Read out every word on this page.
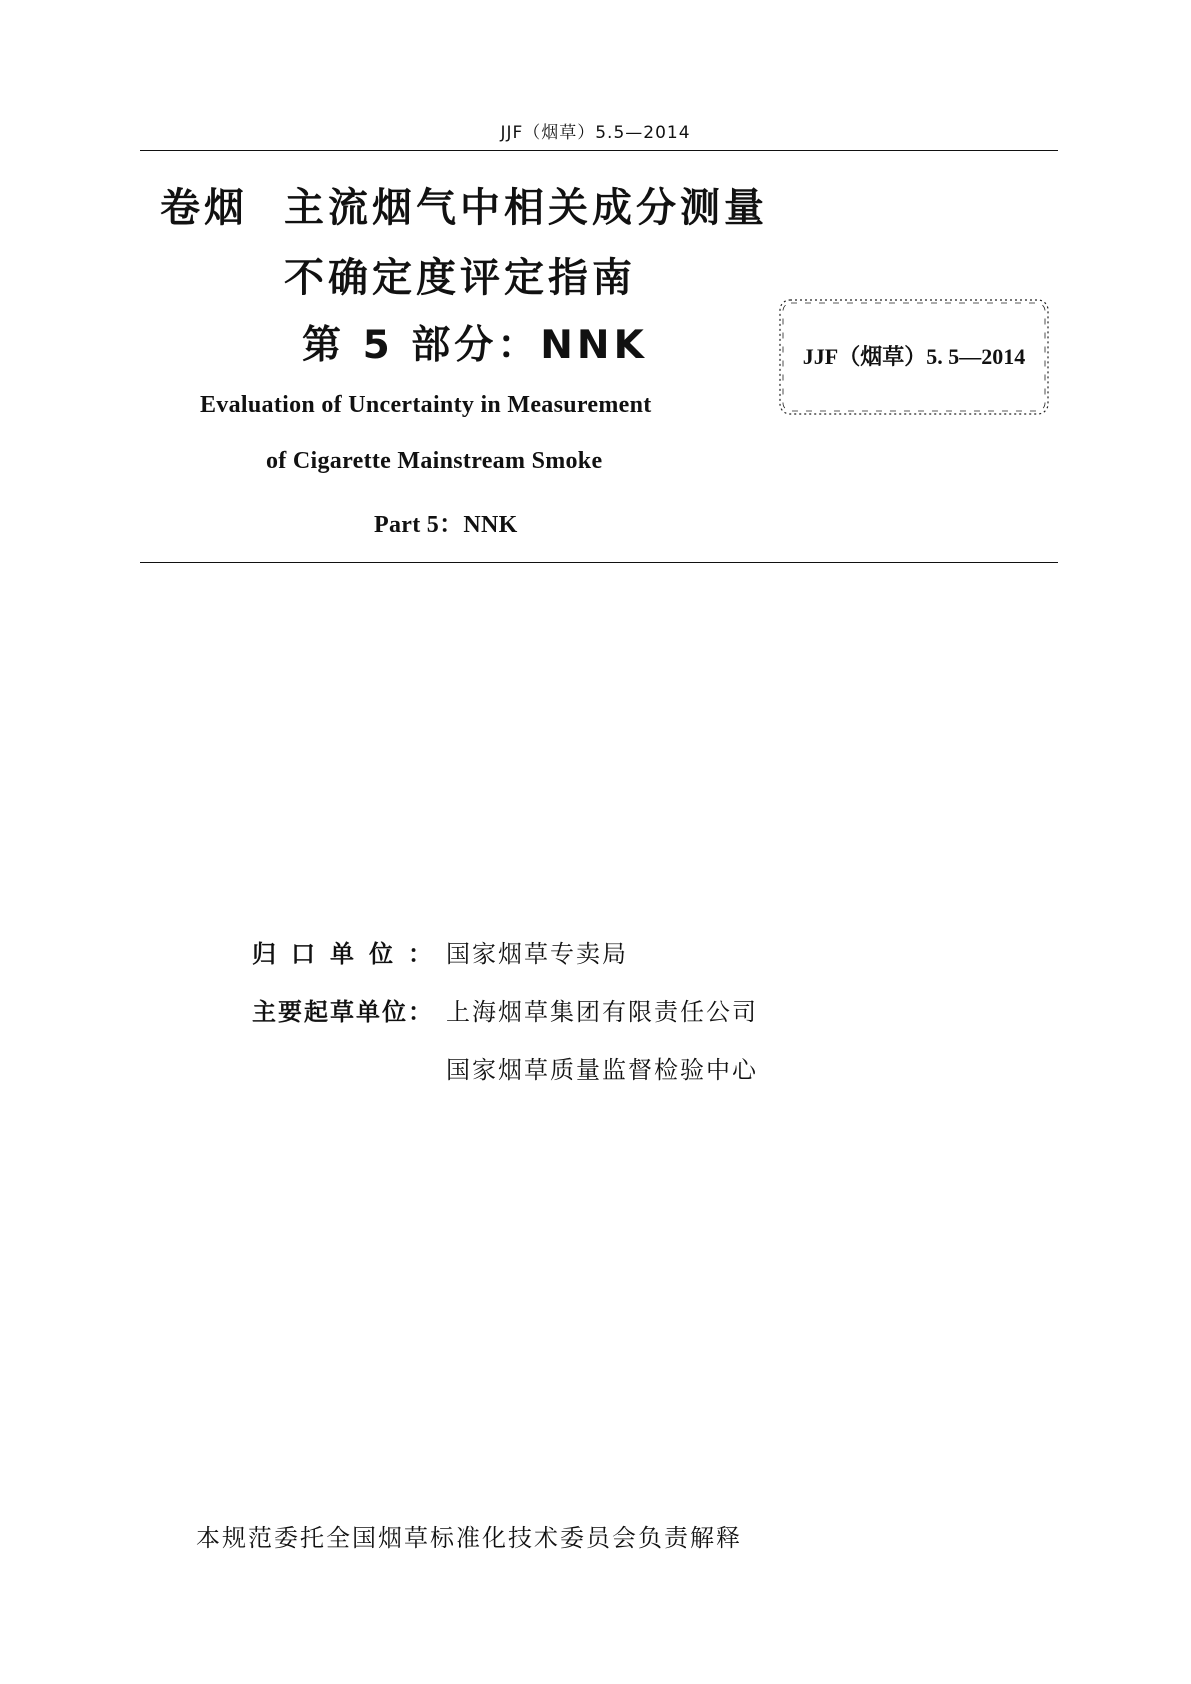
JJF（烟草）5.5—2014
卷烟 主流烟气中相关成分测量
不确定度评定指南
第 5 部分：NNK	JJF（烟草）5. 5—2014
Evaluation of Uncertainty in Measurement
of Cigarette Mainstream Smoke
Part 5：NNK
归口单位： 国家烟草专卖局
主要起草单位： 上海烟草集团有限责任公司
国家烟草质量监督检验中心
本规范委托全国烟草标准化技术委员会负责解释
